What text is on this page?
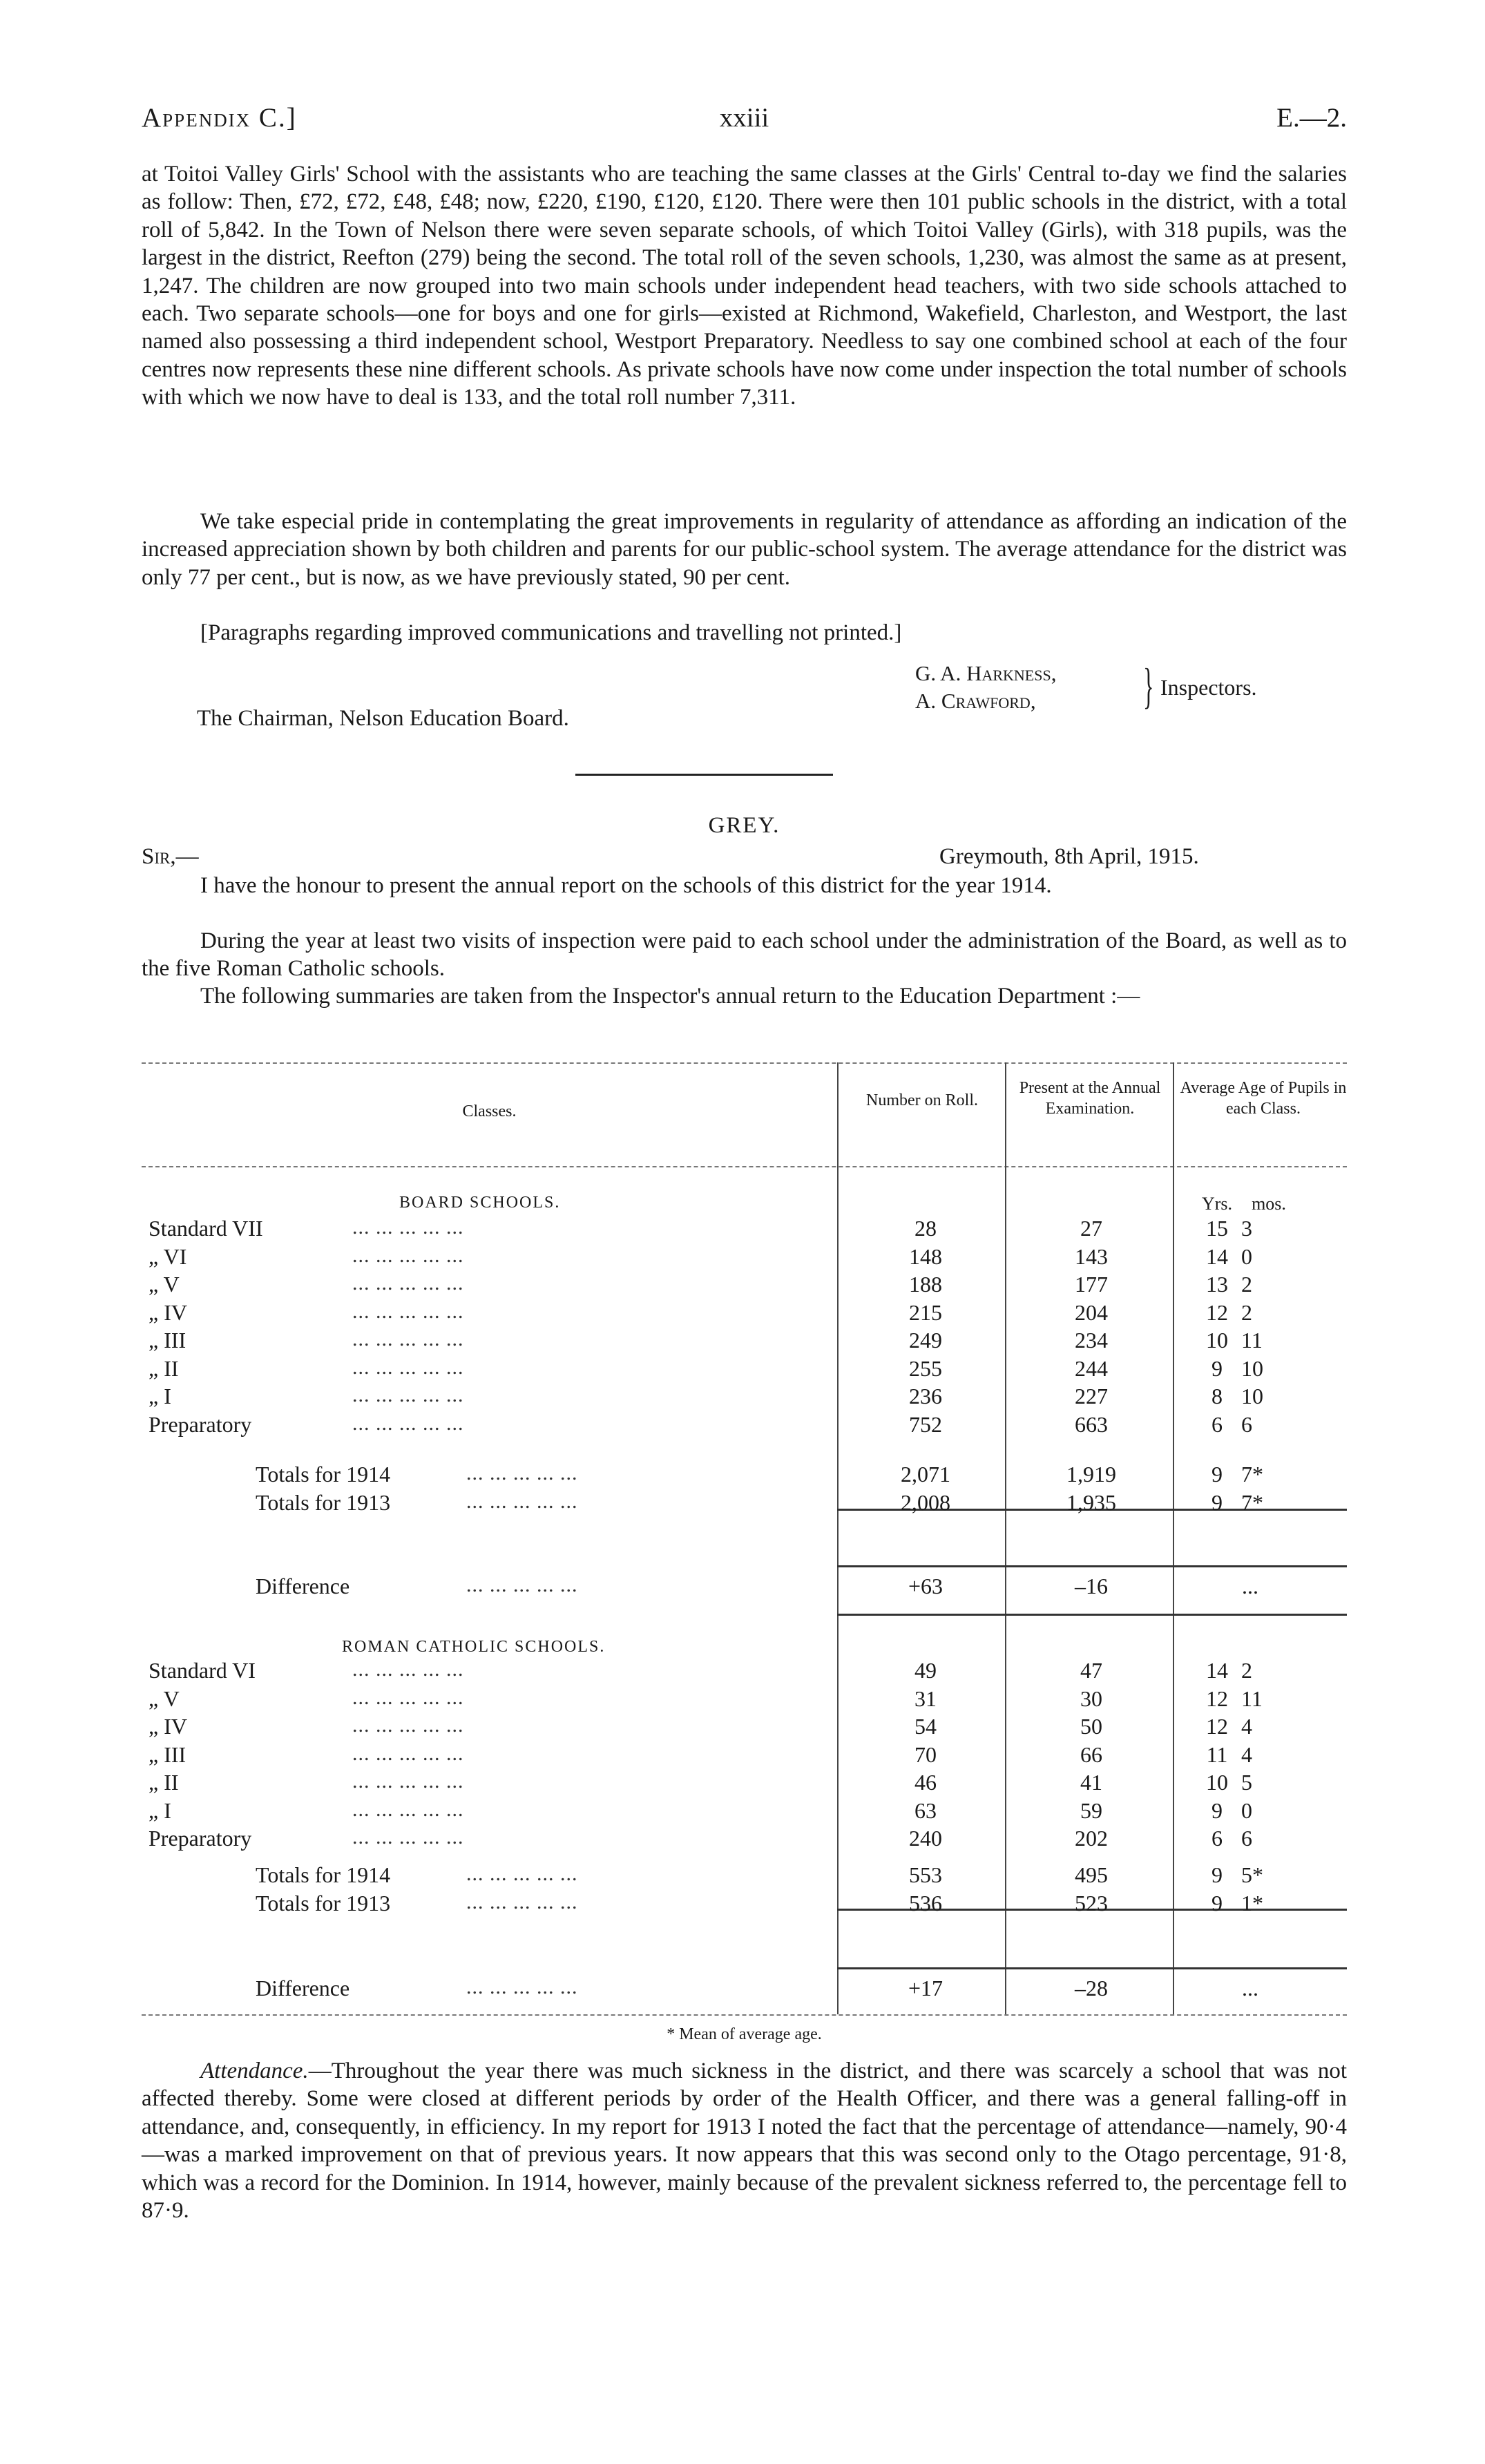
Appendix C.]	xxiii	E.—2.

at Toitoi Valley Girls' School with the assistants who are teaching the same classes at the Girls' Central to-day we find the salaries as follow: Then, £72, £72, £48, £48; now, £220, £190, £120, £120. There were then 101 public schools in the district, with a total roll of 5,842. In the Town of Nelson there were seven separate schools, of which Toitoi Valley (Girls), with 318 pupils, was the largest in the district, Reefton (279) being the second. The total roll of the seven schools, 1,230, was almost the same as at present, 1,247. The children are now grouped into two main schools under independent head teachers, with two side schools attached to each. Two separate schools—one for boys and one for girls—existed at Richmond, Wakefield, Charleston, and Westport, the last named also possessing a third independent school, Westport Preparatory. Needless to say one combined school at each of the four centres now represents these nine different schools. As private schools have now come under inspection the total number of schools with which we now have to deal is 133, and the total roll number 7,311.

We take especial pride in contemplating the great improvements in regularity of attendance as affording an indication of the increased appreciation shown by both children and parents for our public-school system. The average attendance for the district was only 77 per cent., but is now, as we have previously stated, 90 per cent.

[Paragraphs regarding improved communications and travelling not printed.]

G. A. Harkness,
A. Crawford,	} Inspectors.
The Chairman, Nelson Education Board.
GREY.
Sir,—	Greymouth, 8th April, 1915.

I have the honour to present the annual report on the schools of this district for the year 1914.

During the year at least two visits of inspection were paid to each school under the administration of the Board, as well as to the five Roman Catholic schools.

The following summaries are taken from the Inspector's annual return to the Education Department :—

Classes.
Number on Roll.
Present at the Annual Examination.
Average Age of Pupils in each Class.
BOARD SCHOOLS.	Yrs.	mos.
Standard VII	... ... ... ... ...	28	27	15 3
„ VI	... ... ... ... ...	148	143	14 0
„ V	... ... ... ... ...	188	177	13 2
„ IV	... ... ... ... ...	215	204	12 2
„ III	... ... ... ... ...	249	234	10 11
„ II	... ... ... ... ...	255	244	9 10
„ I	... ... ... ... ...	236	227	8 10
Preparatory	... ... ... ... ...	752	663	6 6
Totals for 1914	... ... ... ... ...	2,071	1,919	9 7*
Totals for 1913	... ... ... ... ...	2,008	1,935	9 7*
Difference	... ... ... ... ...	+63	–16	...
ROMAN CATHOLIC SCHOOLS.
Standard VI	... ... ... ... ...	49	47	14 2
„ V	... ... ... ... ...	31	30	12 11
„ IV	... ... ... ... ...	54	50	12 4
„ III	... ... ... ... ...	70	66	11 4
„ II	... ... ... ... ...	46	41	10 5
„ I	... ... ... ... ...	63	59	9 0
Preparatory	... ... ... ... ...	240	202	6 6
Totals for 1914	... ... ... ... ...	553	495	9 5*
Totals for 1913	... ... ... ... ...	536	523	9 1*
Difference	... ... ... ... ...	+17	–28	...
* Mean of average age.

Attendance.—Throughout the year there was much sickness in the district, and there was scarcely a school that was not affected thereby. Some were closed at different periods by order of the Health Officer, and there was a general falling-off in attendance, and, consequently, in efficiency. In my report for 1913 I noted the fact that the percentage of attendance—namely, 90·4—was a marked improvement on that of previous years. It now appears that this was second only to the Otago percentage, 91·8, which was a record for the Dominion. In 1914, however, mainly because of the prevalent sickness referred to, the percentage fell to 87·9.
